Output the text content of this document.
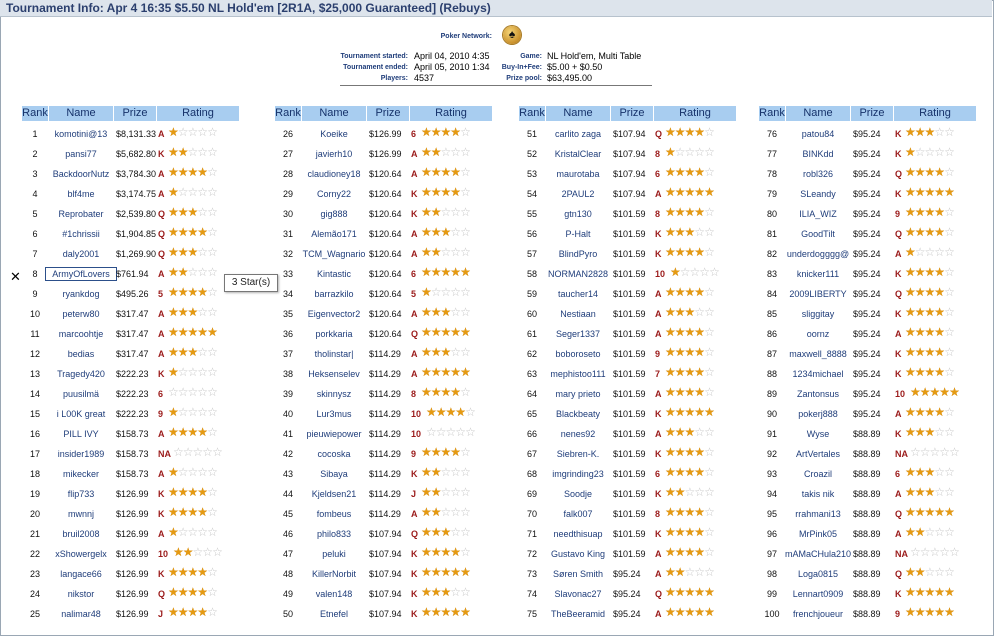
Tournament Info: Apr 4 16:35 $5.50 NL Hold'em [2R1A, $25,000 Guaranteed] (Rebuys)
Poker Network:	♠
Tournament started: April 04, 2010 4:35
Tournament ended: April 05, 2010 1:34
Players: 4537
Game: NL Hold'em, Multi Table
Buy-In+Fee: $5.00 + $0.50
Prize pool: $63,495.00
Rank	Name	Prize	Rating
1	komotini@13 $8,131.33 A ★☆☆☆☆
2	pansi77	$5,682.80 K ★★☆☆☆
3	BackdoorNutz $3,784.30 A ★★★★☆
4	blf4me	$3,174.75 A ★☆☆☆☆
5	Reprobater	$2,539.80 Q ★★★☆☆
6	#1chrissii	$1,904.85 Q ★★★★☆
7	daly2001	$1,269.90 Q ★★★☆☆
8	ArmyOfLovers $761.94 A ★★☆☆☆
9	ryankdog	$495.26 5 ★★★★☆
10	peterw80	$317.47 A ★★★☆☆
11	marcoohtje	$317.47 A ★★★★★
12	bedias	$317.47 A ★★★☆☆
13	Tragedy420	$222.23 K ★☆☆☆☆
14	puusilmä	$222.23 6 ☆☆☆☆☆
15	i L00K great	$222.23 9 ★☆☆☆☆
16	PILL IVY	$158.73 A ★★★★☆
17	insider1989	$158.73 NA ☆☆☆☆☆
18	mikecker	$158.73 A ★☆☆☆☆
19	flip733	$126.99 K ★★★★☆
20	mwnnj	$126.99 K ★★★★☆
21	bruil2008	$126.99 A ★☆☆☆☆
22	xShowergelx	$126.99 10 ★★☆☆☆
23	langace66	$126.99 K ★★★★☆
24	nikstor	$126.99 Q ★★★★☆
25	nalimar48	$126.99 J ★★★★☆
Rank	Name	Prize	Rating
26	Koeike	$126.99 6 ★★★★☆
27	javierh10	$126.99 A ★★☆☆☆
28	claudioney18 $120.64 A ★★★★☆
29	Corny22	$120.64 K ★★★★☆
30	gig888	$120.64 K ★★☆☆☆
31	Alemão171	$120.64 A ★★★☆☆
32	TCM_Wagnario $120.64 A ★★☆☆☆
33	Kintastic	$120.64 6 ★★★★★
34	barrazkilo	$120.64 5 ★☆☆☆☆
35	Eigenvector2 $120.64 A ★★★☆☆
36	porkkaria	$120.64 Q ★★★★★
37	tholinstar|	$114.29 A ★★★☆☆
38	Heksenselev	$114.29 A ★★★★★
39	skinnysz	$114.29 8 ★★★★☆
40	Lur3mus	$114.29 10 ★★★★☆
41	pieuwiepower $114.29 10 ☆☆☆☆☆
42	cocoska	$114.29 9 ★★★★☆
43	Sibaya	$114.29 K ★★☆☆☆
44	Kjeldsen21	$114.29 J ★★☆☆☆
45	fombeus	$114.29 A ★★☆☆☆
46	philo833	$107.94 Q ★★★☆☆
47	peluki	$107.94 K ★★★★☆
48	KillerNorbit	$107.94 K ★★★★★
49	valen148	$107.94 K ★★★☆☆
50	Etnefel	$107.94 K ★★★★★
Rank	Name	Prize	Rating
51	carlito zaga	$107.94 Q ★★★★☆
52	KristalClear	$107.94 8 ★☆☆☆☆
53	maurotaba	$107.94 6 ★★★★☆
54	2PAUL2	$107.94 A ★★★★★
55	gtn130	$101.59 8 ★★★★☆
56	P-Halt	$101.59 K ★★★☆☆
57	BlindPyro	$101.59 K ★★★★☆
58	NORMAN2828 $101.59 10 ★☆☆☆☆
59	taucher14	$101.59 A ★★★★☆
60	Nestiaan	$101.59 A ★★★☆☆
61	Seger1337	$101.59 A ★★★★☆
62	boboroseto	$101.59 9 ★★★★☆
63	mephistoo111 $101.59 7 ★★★★☆
64	mary prieto	$101.59 A ★★★★☆
65	Blackbeaty	$101.59 K ★★★★★
66	nenes92	$101.59 A ★★★☆☆
67	Siebren-K.	$101.59 K ★★★★☆
68	imgrinding23	$101.59 6 ★★★★☆
69	Soodje	$101.59 K ★★☆☆☆
70	falk007	$101.59 8 ★★★★☆
71	needthisuap	$101.59 K ★★★★☆
72	Gustavo King $101.59 A ★★★★☆
73	Søren Smith	$95.24 A ★★☆☆☆
74	Slavonac27	$95.24 Q ★★★★★
75	TheBeeramid $95.24 A ★★★★★
Rank	Name	Prize	Rating
76	patou84	$95.24 K ★★★☆☆
77	BINKdd	$95.24 K ★☆☆☆☆
78	robl326	$95.24 Q ★★★★☆
79	SLeandy	$95.24 K ★★★★★
80	ILIA_WIZ	$95.24 9 ★★★★☆
81	GoodTilt	$95.24 Q ★★★★☆
82	underdogggg@ $95.24 A ★☆☆☆☆
83	knicker111	$95.24 K ★★★★☆
84	2009LIBERTY $95.24 Q ★★★★☆
85	sliggitay	$95.24 K ★★★★☆
86	oornz	$95.24 A ★★★★☆
87	maxwell_8888 $95.24 K ★★★★☆
88	1234michael	$95.24 K ★★★★☆
89	Zantonsus	$95.24 10 ★★★★★
90	pokerj888	$95.24 A ★★★★☆
91	Wyse	$88.89 K ★★★☆☆
92	ArtVertales	$88.89 NA ☆☆☆☆☆
93	Croazil	$88.89 6 ★★★☆☆
94	takis nik	$88.89 A ★★★☆☆
95	rrahmani13	$88.89 Q ★★★★★
96	MrPink05	$88.89 A ★★☆☆☆
97 mAMaCHula210 $88.89 NA ☆☆☆☆☆
98	Loga0815	$88.89 Q ★★☆☆☆
99	Lennart0909	$88.89 K ★★★★★
100	frenchjoueur	$88.89 9 ★★★★★
3 Star(s)
✕
